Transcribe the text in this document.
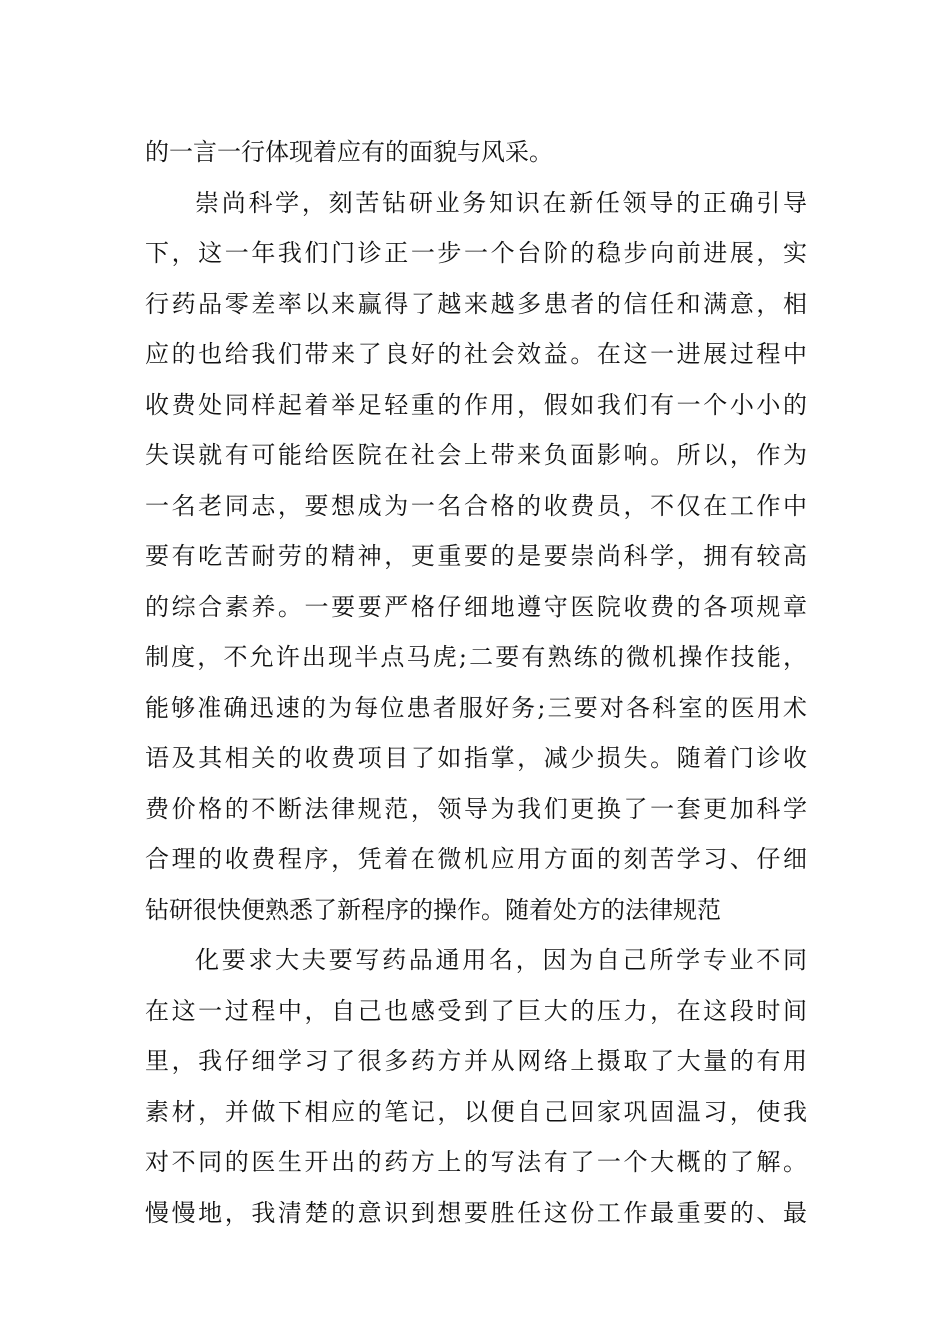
的一言一行体现着应有的面貌与风采。
崇尚科学，刻苦钻研业务知识在新任领导的正确引导
下，这一年我们门诊正一步一个台阶的稳步向前进展，实
行药品零差率以来赢得了越来越多患者的信任和满意，相
应的也给我们带来了良好的社会效益。在这一进展过程中
收费处同样起着举足轻重的作用，假如我们有一个小小的
失误就有可能给医院在社会上带来负面影响。所以，作为
一名老同志，要想成为一名合格的收费员，不仅在工作中
要有吃苦耐劳的精神，更重要的是要崇尚科学，拥有较高
的综合素养。一要要严格仔细地遵守医院收费的各项规章
制度，不允许出现半点马虎;二要有熟练的微机操作技能，
能够准确迅速的为每位患者服好务;三要对各科室的医用术
语及其相关的收费项目了如指掌，减少损失。随着门诊收
费价格的不断法律规范，领导为我们更换了一套更加科学
合理的收费程序，凭着在微机应用方面的刻苦学习、仔细
钻研很快便熟悉了新程序的操作。随着处方的法律规范
化要求大夫要写药品通用名，因为自己所学专业不同
在这一过程中，自己也感受到了巨大的压力，在这段时间
里，我仔细学习了很多药方并从网络上摄取了大量的有用
素材，并做下相应的笔记，以便自己回家巩固温习，使我
对不同的医生开出的药方上的写法有了一个大概的了解。
慢慢地，我清楚的意识到想要胜任这份工作最重要的、最
